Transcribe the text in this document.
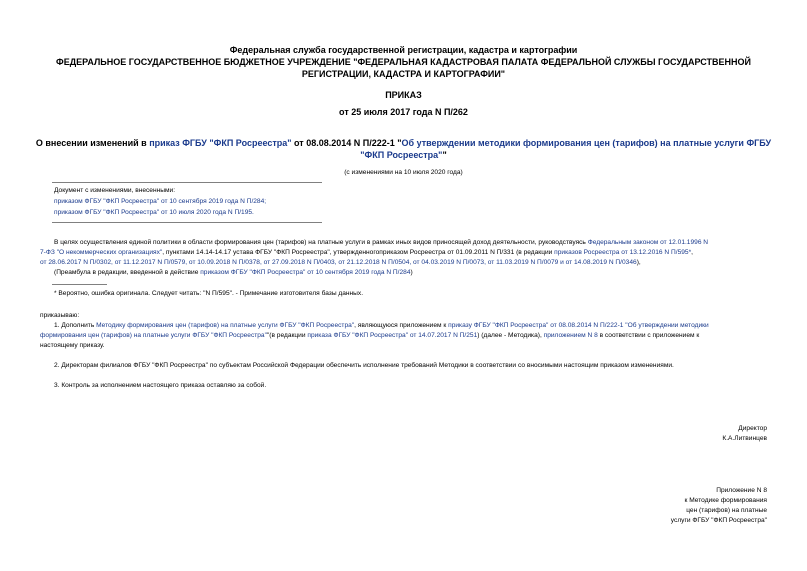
Федеральная служба государственной регистрации, кадастра и картографии
ФЕДЕРАЛЬНОЕ ГОСУДАРСТВЕННОЕ БЮДЖЕТНОЕ УЧРЕЖДЕНИЕ "ФЕДЕРАЛЬНАЯ КАДАСТРОВАЯ ПАЛАТА ФЕДЕРАЛЬНОЙ СЛУЖБЫ ГОСУДАРСТВЕННОЙ
РЕГИСТРАЦИИ, КАДАСТРА И КАРТОГРАФИИ"
ПРИКАЗ
от 25 июля 2017 года N П/262
О внесении изменений в приказ ФГБУ "ФКП Росреестра" от 08.08.2014 N П/222-1 "Об утверждении методики формирования цен (тарифов) на платные услуги ФГБУ
"ФКП Росреестра""
(с изменениями на 10 июля 2020 года)
Документ с изменениями, внесенными:
приказом ФГБУ "ФКП Росреестра" от 10 сентября 2019 года N П/284;
приказом ФГБУ "ФКП Росреестра" от 10 июля 2020 года N П/195.
В целях осуществления единой политики в области формирования цен (тарифов) на платные услуги в рамках иных видов приносящей доход деятельности, руководствуясь Федеральным законом от 12.01.1996 N
7-ФЗ "О некоммерческих организациях", пунктами 14.14-14.17 устава ФГБУ "ФКП Росреестра", утвержденногоприказом Росреестра от 01.09.2011 N П/331 (в редакции приказов Росреестра от 13.12.2016 N П/595*,
от 28.06.2017 N П/0302, от 11.12.2017 N П/0579, от 10.09.2018 N П/0378, от 27.09.2018 N П/0403, от 21.12.2018 N П/0504, от 04.03.2019 N П/0073, от 11.03.2019 N П/0079 и от 14.08.2019 N П/0346),
(Преамбула в редакции, введенной в действие приказом ФГБУ "ФКП Росреестра" от 10 сентября 2019 года N П/284)
* Вероятно, ошибка оригинала. Следует читать: "N П/595". - Примечание изготовителя базы данных.
приказываю:
1. Дополнить Методику формирования цен (тарифов) на платные услуги ФГБУ "ФКП Росреестра", являющуюся приложением к приказу ФГБУ "ФКП Росреестра" от 08.08.2014 N П/222-1 "Об утверждении методики
формирования цен (тарифов) на платные услуги ФГБУ "ФКП Росреестра""(в редакции приказа ФГБУ "ФКП Росреестра" от 14.07.2017 N П/251) (далее - Методика), приложением N 8 в соответствии с приложением к
настоящему приказу.
2. Директорам филиалов ФГБУ "ФКП Росреестра" по субъектам Российской Федерации обеспечить исполнение требований Методики в соответствии со вносимыми настоящим приказом изменениями.
3. Контроль за исполнением настоящего приказа оставляю за собой.
Директор
К.А.Литвинцев
Приложение N 8
к Методике формирования
цен (тарифов) на платные
услуги ФГБУ "ФКП Росреестра"
